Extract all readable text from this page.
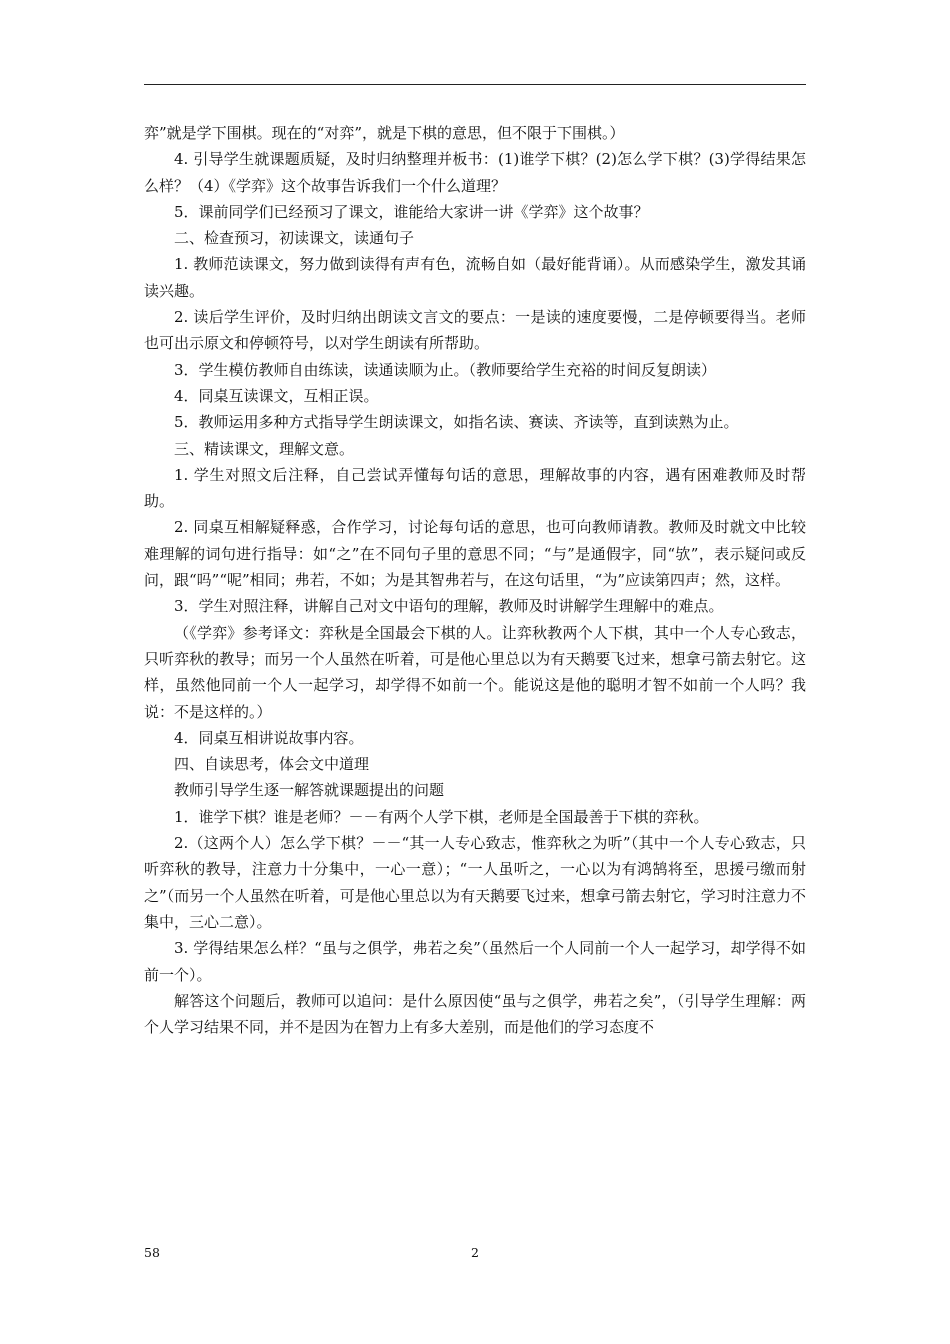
弈”就是学下围棋。现在的“对弈”，就是下棋的意思，但不限于下围棋。）

4. 引导学生就课题质疑，及时归纳整理并板书：(1)谁学下棋？(2)怎么学下棋？(3)学得结果怎么样？（4）《学弈》这个故事告诉我们一个什么道理？

5．课前同学们已经预习了课文，谁能给大家讲一讲《学弈》这个故事？

二、检查预习，初读课文，读通句子

1. 教师范读课文，努力做到读得有声有色，流畅自如（最好能背诵）。从而感染学生，激发其诵读兴趣。

2. 读后学生评价，及时归纳出朗读文言文的要点：一是读的速度要慢，二是停顿要得当。老师也可出示原文和停顿符号，以对学生朗读有所帮助。

3．学生模仿教师自由练读，读通读顺为止。（教师要给学生充裕的时间反复朗读）

4．同桌互读课文，互相正误。

5．教师运用多种方式指导学生朗读课文，如指名读、赛读、齐读等，直到读熟为止。

三、精读课文，理解文意。

1. 学生对照文后注释，自己尝试弄懂每句话的意思，理解故事的内容，遇有困难教师及时帮助。

2. 同桌互相解疑释惑，合作学习，讨论每句话的意思，也可向教师请教。教师及时就文中比较难理解的词句进行指导：如“之”在不同句子里的意思不同；“与”是通假字，同“欤”，表示疑问或反问，跟“吗”“呢”相同；弗若，不如；为是其智弗若与，在这句话里，“为”应读第四声；然，这样。

3．学生对照注释，讲解自己对文中语句的理解，教师及时讲解学生理解中的难点。

（《学弈》参考译文：弈秋是全国最会下棋的人。让弈秋教两个人下棋，其中一个人专心致志，只听弈秋的教导；而另一个人虽然在听着，可是他心里总以为有天鹅要飞过来，想拿弓箭去射它。这样，虽然他同前一个人一起学习，却学得不如前一个。能说这是他的聪明才智不如前一个人吗？我说：不是这样的。）

4．同桌互相讲说故事内容。

四、自读思考，体会文中道理

教师引导学生逐一解答就课题提出的问题

1．谁学下棋？谁是老师？－－有两个人学下棋，老师是全国最善于下棋的弈秋。

2.（这两个人）怎么学下棋？－－“其一人专心致志，惟弈秋之为听”（其中一个人专心致志，只听弈秋的教导，注意力十分集中，一心一意）；“一人虽听之，一心以为有鸿鹄将至，思援弓缴而射之”（而另一个人虽然在听着，可是他心里总以为有天鹅要飞过来，想拿弓箭去射它，学习时注意力不集中，三心二意）。

3. 学得结果怎么样？“虽与之俱学，弗若之矣”（虽然后一个人同前一个人一起学习，却学得不如前一个）。

解答这个问题后，教师可以追问：是什么原因使“虽与之俱学，弗若之矣”，（引导学生理解：两个人学习结果不同，并不是因为在智力上有多大差别，而是他们的学习态度不

58	2
